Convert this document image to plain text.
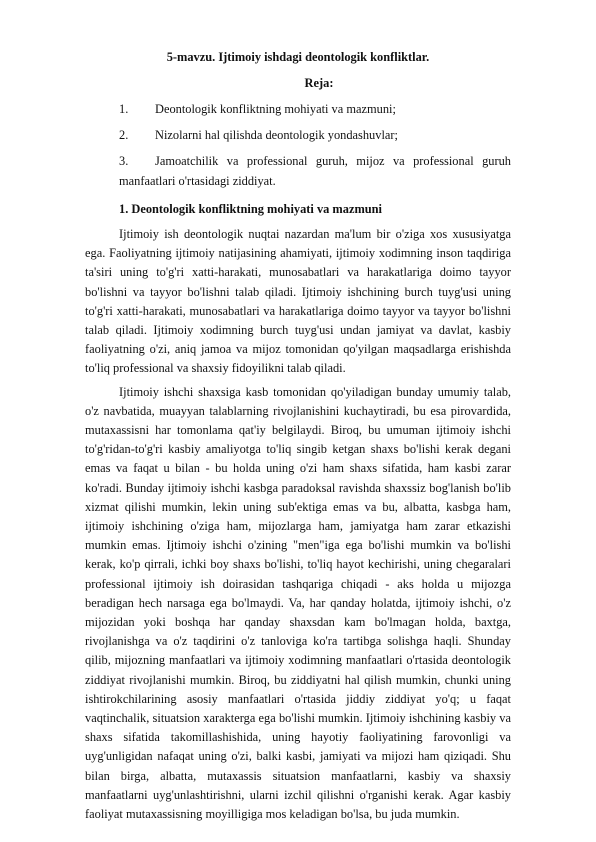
5-mavzu. Ijtimoiy ishdagi deontologik konfliktlar.
Reja:
1. Deontologik konfliktning mohiyati va mazmuni;
2. Nizolarni hal qilishda deontologik yondashuvlar;
3. Jamoatchilik va professional guruh, mijoz va professional guruh manfaatlari o'rtasidagi ziddiyat.
1. Deontologik konfliktning mohiyati va mazmuni

Ijtimoiy ish deontologik nuqtai nazardan ma'lum bir o'ziga xos xususiyatga ega. Faoliyatning ijtimoiy natijasining ahamiyati, ijtimoiy xodimning inson taqdiriga ta'siri uning to'g'ri xatti-harakati, munosabatlari va harakatlariga doimo tayyor bo'lishni va tayyor bo'lishni talab qiladi. Ijtimoiy ishchining burch tuyg'usi uning to'g'ri xatti-harakati, munosabatlari va harakatlariga doimo tayyor va tayyor bo'lishni talab qiladi. Ijtimoiy xodimning burch tuyg'usi undan jamiyat va davlat, kasbiy faoliyatning o'zi, aniq jamoa va mijoz tomonidan qo'yilgan maqsadlarga erishishda to'liq professional va shaxsiy fidoyilikni talab qiladi.

Ijtimoiy ishchi shaxsiga kasb tomonidan qo'yiladigan bunday umumiy talab, o'z navbatida, muayyan talablarning rivojlanishini kuchaytiradi, bu esa pirovardida, mutaxassisni har tomonlama qat'iy belgilaydi. Biroq, bu umuman ijtimoiy ishchi to'g'ridan-to'g'ri kasbiy amaliyotga to'liq singib ketgan shaxs bo'lishi kerak degani emas va faqat u bilan - bu holda uning o'zi ham shaxs sifatida, ham kasbi zarar ko'radi. Bunday ijtimoiy ishchi kasbga paradoksal ravishda shaxssiz bog'lanish bo'lib xizmat qilishi mumkin, lekin uning sub'ektiga emas va bu, albatta, kasbga ham, ijtimoiy ishchining o'ziga ham, mijozlarga ham, jamiyatga ham zarar etkazishi mumkin emas. Ijtimoiy ishchi o'zining "men"iga ega bo'lishi mumkin va bo'lishi kerak, ko'p qirrali, ichki boy shaxs bo'lishi, to'liq hayot kechirishi, uning chegaralari professional ijtimoiy ish doirasidan tashqariga chiqadi - aks holda u mijozga beradigan hech narsaga ega bo'lmaydi. Va, har qanday holatda, ijtimoiy ishchi, o'z mijozidan yoki boshqa har qanday shaxsdan kam bo'lmagan holda, baxtga, rivojlanishga va o'z taqdirini o'z tanloviga ko'ra tartibga solishga haqli. Shunday qilib, mijozning manfaatlari va ijtimoiy xodimning manfaatlari o'rtasida deontologik ziddiyat rivojlanishi mumkin. Biroq, bu ziddiyatni hal qilish mumkin, chunki uning ishtirokchilarining asosiy manfaatlari o'rtasida jiddiy ziddiyat yo'q; u faqat vaqtinchalik, situatsion xarakterga ega bo'lishi mumkin. Ijtimoiy ishchining kasbiy va shaxs sifatida takomillashishida, uning hayotiy faoliyatining farovonligi va uyg'unligidan nafaqat uning o'zi, balki kasbi, jamiyati va mijozi ham qiziqadi. Shu bilan birga, albatta, mutaxassis situatsion manfaatlarni, kasbiy va shaxsiy manfaatlarni uyg'unlashtirishni, ularni izchil qilishni o'rganishi kerak. Agar kasbiy faoliyat mutaxassisning moyilligiga mos keladigan bo'lsa, bu juda mumkin.
